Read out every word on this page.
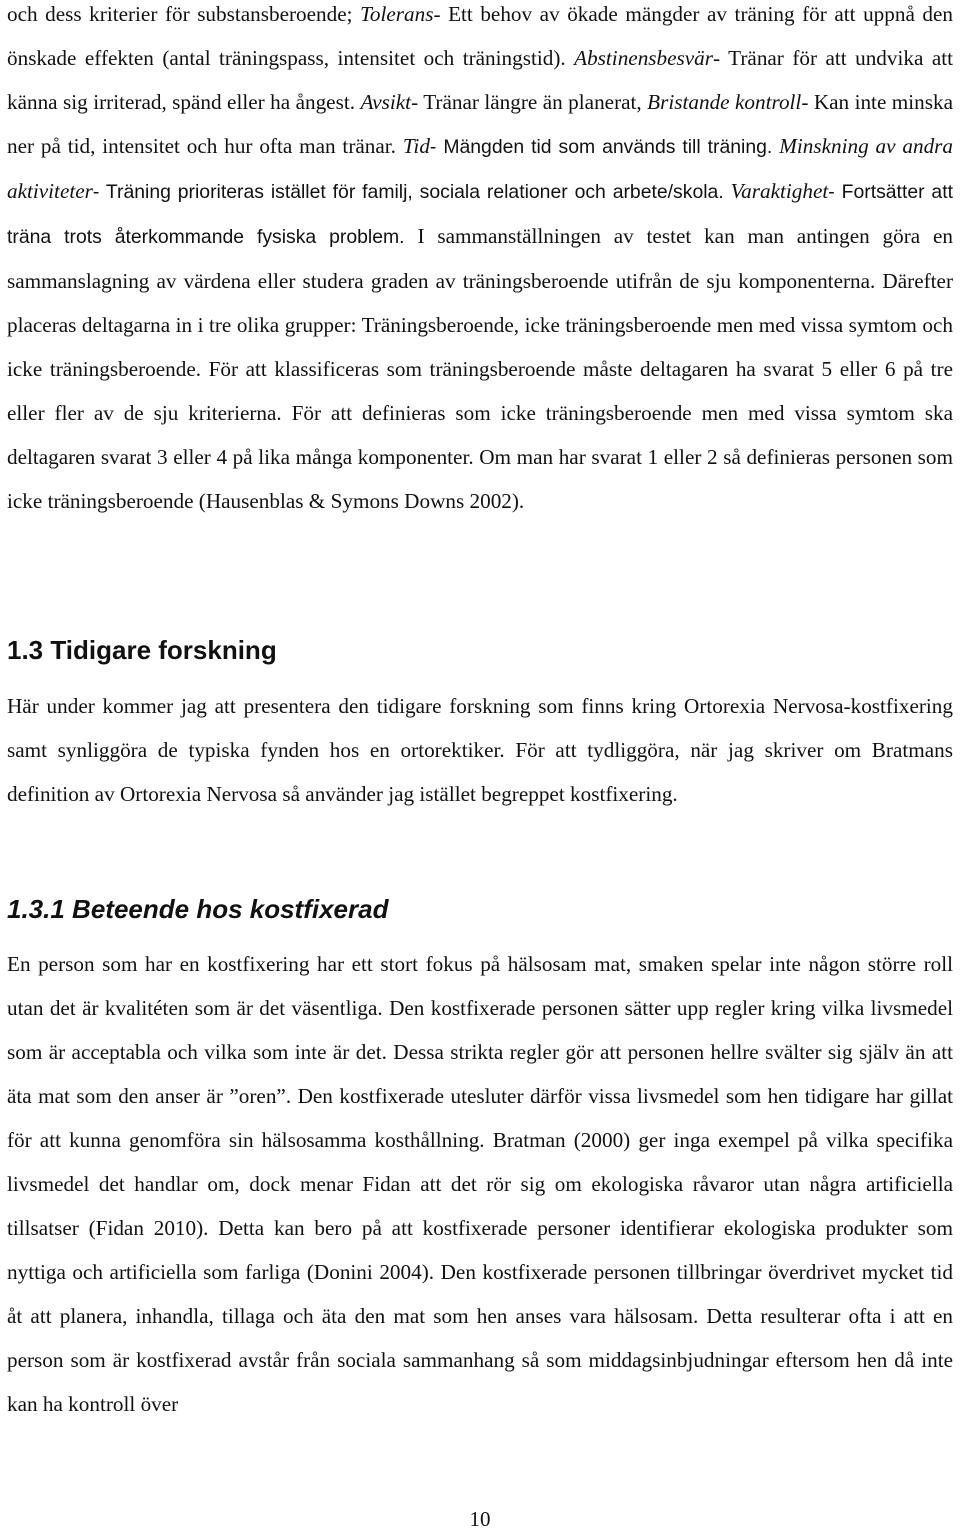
och dess kriterier för substansberoende; Tolerans- Ett behov av ökade mängder av träning för att uppnå den önskade effekten (antal träningspass, intensitet och träningstid). Abstinensbesvär- Tränar för att undvika att känna sig irriterad, spänd eller ha ångest. Avsikt- Tränar längre än planerat, Bristande kontroll- Kan inte minska ner på tid, intensitet och hur ofta man tränar. Tid- Mängden tid som används till träning. Minskning av andra aktiviteter- Träning prioriteras istället för familj, sociala relationer och arbete/skola. Varaktighet- Fortsätter att träna trots återkommande fysiska problem. I sammanställningen av testet kan man antingen göra en sammanslagning av värdena eller studera graden av träningsberoende utifrån de sju komponenterna. Därefter placeras deltagarna in i tre olika grupper: Träningsberoende, icke träningsberoende men med vissa symtom och icke träningsberoende. För att klassificeras som träningsberoende måste deltagaren ha svarat 5 eller 6 på tre eller fler av de sju kriterierna. För att definieras som icke träningsberoende men med vissa symtom ska deltagaren svarat 3 eller 4 på lika många komponenter. Om man har svarat 1 eller 2 så definieras personen som icke träningsberoende (Hausenblas & Symons Downs 2002).

1.3 Tidigare forskning

Här under kommer jag att presentera den tidigare forskning som finns kring Ortorexia Nervosa-kostfixering samt synliggöra de typiska fynden hos en ortorektiker. För att tydliggöra, när jag skriver om Bratmans definition av Ortorexia Nervosa så använder jag istället begreppet kostfixering.

1.3.1 Beteende hos kostfixerad

En person som har en kostfixering har ett stort fokus på hälsosam mat, smaken spelar inte någon större roll utan det är kvalitéten som är det väsentliga. Den kostfixerade personen sätter upp regler kring vilka livsmedel som är acceptabla och vilka som inte är det. Dessa strikta regler gör att personen hellre svälter sig själv än att äta mat som den anser är ”oren”. Den kostfixerade utesluter därför vissa livsmedel som hen tidigare har gillat för att kunna genomföra sin hälsosamma kosthållning. Bratman (2000) ger inga exempel på vilka specifika livsmedel det handlar om, dock menar Fidan att det rör sig om ekologiska råvaror utan några artificiella tillsatser (Fidan 2010). Detta kan bero på att kostfixerade personer identifierar ekologiska produkter som nyttiga och artificiella som farliga (Donini 2004). Den kostfixerade personen tillbringar överdrivet mycket tid åt att planera, inhandla, tillaga och äta den mat som hen anses vara hälsosam. Detta resulterar ofta i att en person som är kostfixerad avstår från sociala sammanhang så som middagsinbjudningar eftersom hen då inte kan ha kontroll över

10
